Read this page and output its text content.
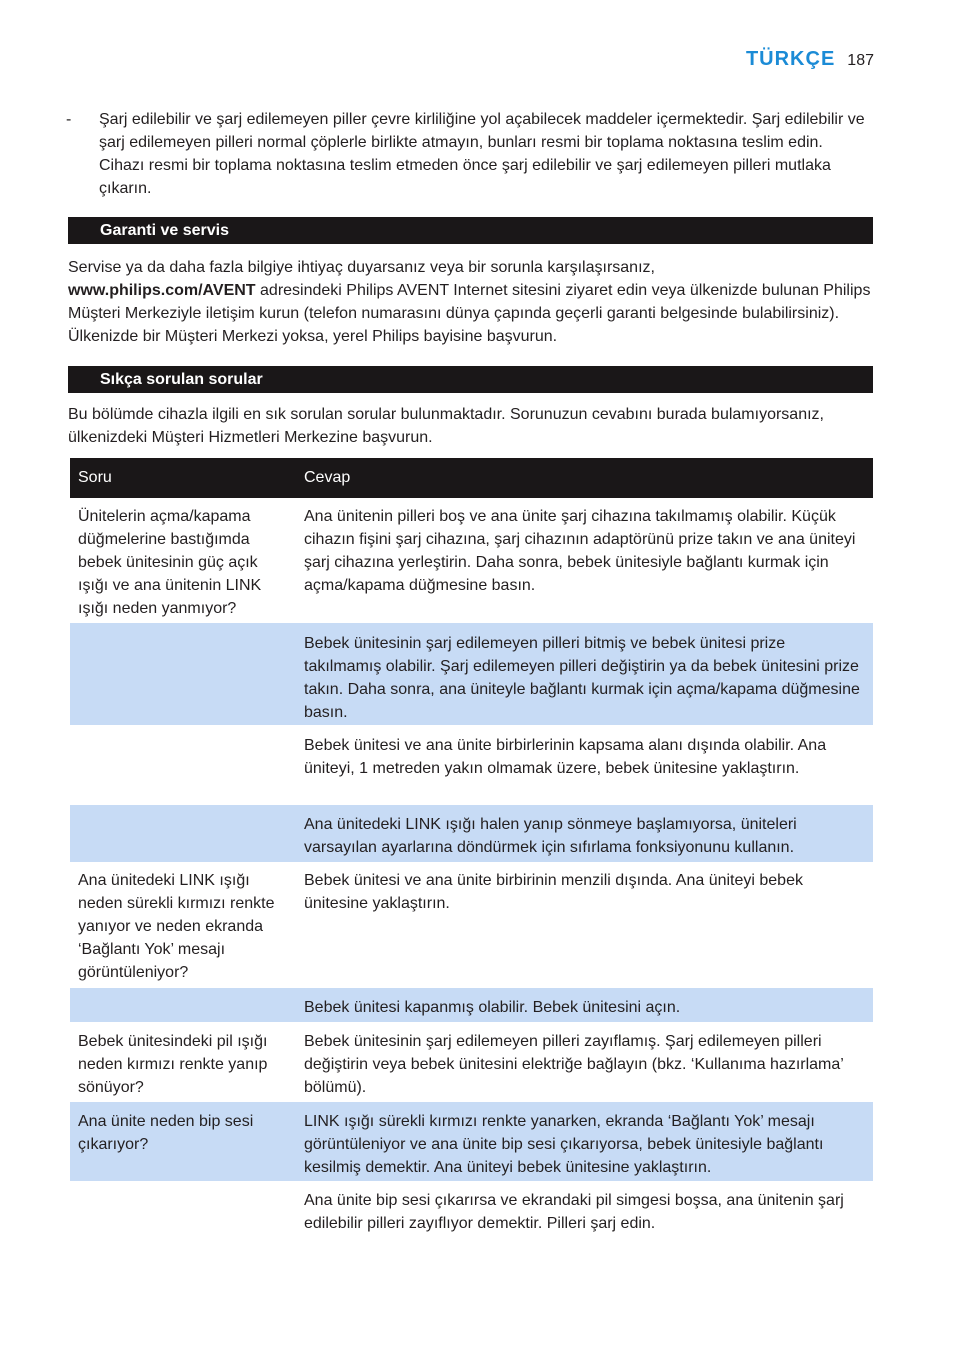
TÜRKÇE 187
- Şarj edilebilir ve şarj edilemeyen piller çevre kirliliğine yol açabilecek maddeler içermektedir. Şarj edilebilir ve şarj edilemeyen pilleri normal çöplerle birlikte atmayın, bunları resmi bir toplama noktasına teslim edin. Cihazı resmi bir toplama noktasına teslim etmeden önce şarj edilebilir ve şarj edilemeyen pilleri mutlaka çıkarın.
Garanti ve servis
Servise ya da daha fazla bilgiye ihtiyaç duyarsanız veya bir sorunla karşılaşırsanız,
www.philips.com/AVENT adresindeki Philips AVENT Internet sitesini ziyaret edin veya ülkenizde bulunan Philips Müşteri Merkeziyle iletişim kurun (telefon numarasını dünya çapında geçerli garanti belgesinde bulabilirsiniz). Ülkenizde bir Müşteri Merkezi yoksa, yerel Philips bayisine başvurun.
Sıkça sorulan sorular
Bu bölümde cihazla ilgili en sık sorulan sorular bulunmaktadır. Sorunuzun cevabını burada bulamıyorsanız, ülkenizdeki Müşteri Hizmetleri Merkezine başvurun.
Soru	Cevap
Ünitelerin açma/kapama düğmelerine bastığımda bebek ünitesinin güç açık ışığı ve ana ünitenin LINK ışığı neden yanmıyor?
Ana ünitenin pilleri boş ve ana ünite şarj cihazına takılmamış olabilir. Küçük cihazın fişini şarj cihazına, şarj cihazının adaptörünü prize takın ve ana üniteyi şarj cihazına yerleştirin. Daha sonra, bebek ünitesiyle bağlantı kurmak için açma/kapama düğmesine basın.
Bebek ünitesinin şarj edilemeyen pilleri bitmiş ve bebek ünitesi prize takılmamış olabilir. Şarj edilemeyen pilleri değiştirin ya da bebek ünitesini prize takın. Daha sonra, ana üniteyle bağlantı kurmak için açma/kapama düğmesine basın.
Bebek ünitesi ve ana ünite birbirlerinin kapsama alanı dışında olabilir. Ana üniteyi, 1 metreden yakın olmamak üzere, bebek ünitesine yaklaştırın.
Ana ünitedeki LINK ışığı halen yanıp sönmeye başlamıyorsa, üniteleri varsayılan ayarlarına döndürmek için sıfırlama fonksiyonunu kullanın.
Ana ünitedeki LINK ışığı neden sürekli kırmızı renkte yanıyor ve neden ekranda ‘Bağlantı Yok’ mesajı görüntüleniyor?
Bebek ünitesi ve ana ünite birbirinin menzili dışında. Ana üniteyi bebek ünitesine yaklaştırın.
Bebek ünitesi kapanmış olabilir. Bebek ünitesini açın.
Bebek ünitesindeki pil ışığı neden kırmızı renkte yanıp sönüyor?
Bebek ünitesinin şarj edilemeyen pilleri zayıflamış. Şarj edilemeyen pilleri değiştirin veya bebek ünitesini elektriğe bağlayın (bkz. ‘Kullanıma hazırlama’ bölümü).
Ana ünite neden bip sesi çıkarıyor?
LINK ışığı sürekli kırmızı renkte yanarken, ekranda ‘Bağlantı Yok’ mesajı görüntüleniyor ve ana ünite bip sesi çıkarıyorsa, bebek ünitesiyle bağlantı kesilmiş demektir. Ana üniteyi bebek ünitesine yaklaştırın.
Ana ünite bip sesi çıkarırsa ve ekrandaki pil simgesi boşsa, ana ünitenin şarj edilebilir pilleri zayıflıyor demektir. Pilleri şarj edin.
